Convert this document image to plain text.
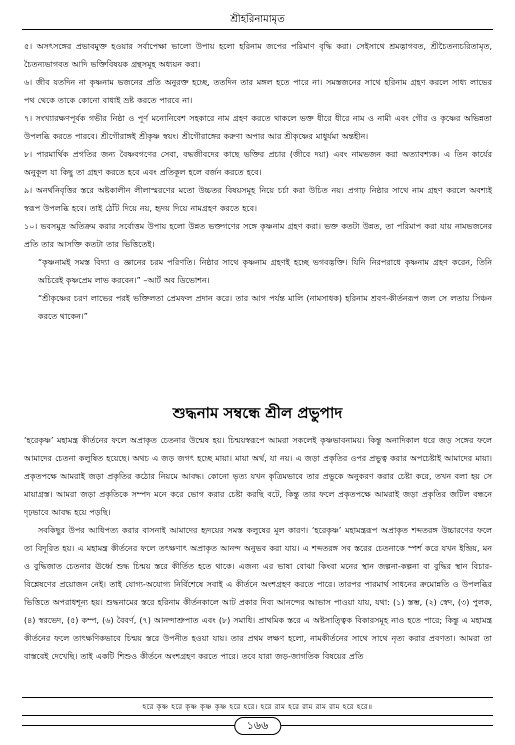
শ্রীহরিনামামৃত

৫। অসৎসঙ্গের প্রভাবমুক্ত হওয়ার সর্বাপেক্ষা ভালো উপায় হলো হরিনাম জপের পরিমাণ বৃদ্ধি করা। সেইসাথে শ্রমদ্ভাগবত, শ্রীচৈতন্যচরিতামৃত, চৈতন্যভাগবত আদি ভক্তিবিষয়ক গ্রন্থসমূহ অধ্যয়ন করা।

৬। জীব যতদিন না কৃষ্ণনাম ভজনের প্রতি অনুরক্ত হচ্ছে, ততদিন তার মঙ্গল হতে পারে না। সমস্তজনের সাথে হরিনাম গ্রহণ করলে সাধ্য লাভের পথ থেকে তাকে কোনো বাধাই ভ্রষ্ট করতে পারবে না।

৭। সংখ্যারক্ষণপূর্বক গভীর নিষ্ঠা ও পূর্ণ মনোনিবেশ সহকারে নাম গ্রহণ করতে থাকলে ভক্ত ধীরে ধীরে নাম ও নামী এবং গৌর ও কৃষ্ণের অভিন্নতা উপলব্ধি করতে পারবে। শ্রীগৌরাঙ্গই শ্রীকৃষ্ণ স্বয়ং। শ্রীগৌরাঙ্গের করুণা অপার আর শ্রীকৃষ্ণের মাধুর্যমা অন্তহীন।

৮। পারমার্থিক প্রগতির জন্য বৈষ্ণবগণের সেবা, বদ্ধজীবদের কাছে ভক্তির প্রচার (জীবে দয়া) এবং নামভজন করা অত্যাবশ্যক। এ তিন কার্যের অনুকূল যা কিছু তা গ্রহণ করতে হবে এবং প্রতিকূল হলে বর্জন করতে হবে।

৯। অনর্থনিবৃত্তির স্তরে অষ্টকালীন লীলাস্মরণের মতো উচ্চতর বিষয়সমূহ নিয়ে চর্চা করা উচিত নয়। প্রগাঢ় নিষ্ঠার সাথে নাম গ্রহণ করলে অবশ্যই স্বরূপ উপলব্ধি হবে। তাই ঠোঁট দিয়ে নয়, হৃদয় দিয়ে নামগ্রহণ করতে হবে।

১০। ভবসমুদ্র অতিক্রম করার সর্বোত্তম উপায় হলো উন্নত ভক্তগণের সঙ্গে কৃষ্ণনাম গ্রহণ করা। ভক্ত কতটা উন্নত, তা পরিমাপ করা যায় নামভজনের প্রতি তার আসক্তি কতটা তার ভিত্তিতেই।

“কৃষ্ণনামই সমস্ত বিদ্যা ও জ্ঞানের চরম পরিণতি। নিষ্ঠার সাথে কৃষ্ণনাম গ্রহণই হচ্ছে ভগবদ্ভক্তি। যিনি নিরপরাধে কৃষ্ণনাম গ্রহণ করেন, তিনি অচিরেই কৃষ্ণপ্রেম লাভ করবেন।” –আর্ট অব ডিভোশন।

“শ্রীকৃষ্ণের চরণ লাভের পরই ভক্তিলতা প্রেমফল প্রদান করে। তার আগ পর্যন্ত মালি (নামসাধক) হরিনাম শ্রবণ-কীর্তনরূপ জল সে লতায় সিঞ্চন করতে থাকেন।”

শুদ্ধনাম সম্বন্ধে শ্রীল প্রভুপাদ

‘হরেকৃষ্ণ’ মহামন্ত্র কীর্তনের ফলে অপ্রাকৃত চেতনার উন্মেষ হয়। চিন্ময়স্বরূপে আমরা সকলেই কৃষ্ণভাবনাময়। কিন্তু অনাদিকাল ধরে জড় সঙ্গের ফলে আমাদের চেতনা কলুষিত হয়েছে। অথচ এ জড় জগৎ হচ্ছে মায়া। মায়া অর্থ, যা নয়। এ জড়া প্রকৃতির ওপর প্রভুত্ব করার অপচেষ্টাই আমাদের মায়া। প্রকৃতপক্ষে আমরাই জড়া প্রকৃতির কঠোর নিয়মে আবদ্ধ। কোনো ভৃত্য যখন কৃত্রিমভাবে তার প্রভুকে অনুকরণ করার চেষ্টা করে, তখন বলা হয় সে মায়াগ্রস্ত। আমরা জড়া প্রকৃতিকে সম্পদ মনে করে ভোগ করার চেষ্টা করছি বটে, কিন্তু তার ফলে প্রকৃতপক্ষে আমরাই জড়া প্রকৃতির জটিল বন্ধনে দৃঢ়ভাবে আবদ্ধ হয়ে পড়ছি।

সবকিছুর উপর আধিপত্য করার বাসনাই আমাদের হৃদয়ের সমস্ত কলুষের মূল কারণ। ‘হরেকৃষ্ণ’ মহামন্ত্ররূপ অপ্রাকৃত শব্দতরঙ্গ উচ্চারণের ফলে তা বিদূরিত হয়। এ মহামন্ত্র কীর্তনের ফলে তৎক্ষণাৎ অপ্রাকৃত আনন্দ অনুভব করা যায়। এ শব্দতরঙ্গ সব স্তরের চেতনাকে স্পর্শ করে যখন ইন্দ্রিয়, মন ও বুদ্ধিজাত চেতনার ঊর্ধ্বে শুদ্ধ চিন্ময় স্তরে কীর্তিত হতে থাকে। এজন্য এর ভাষা বোঝা কিংবা মনের স্থান জল্পনা-কল্পনা বা বুদ্ধির স্থান বিচার-বিশ্লেষণের প্রয়োজন নেই। তাই যোগ্য-অযোগ্য নির্বিশেষে সবাই এ কীর্তনে অংশগ্রহণ করতে পারে। তারপর পারমার্থ সাধনের ক্রমোন্নতি ও উপলব্ধির ভিত্তিতে অপরাধশূন্য হয়। শুদ্ধনামের স্তরে হরিনাম কীর্তনকালে আট প্রকার দিব্য আনন্দের আভাস পাওয়া যায়, যথা: (১) স্তম্ভ, (২) স্বেদ, (৩) পুলক, (৪) স্বরভেদ, (৫) কম্প, (৬) বৈবর্ণ, (৭) আনন্দাশ্রুপাত এবং (৮) সমাধি। প্রাথমিক স্তরে এ অষ্টসাত্ত্বিক বিকারসমূহ নাও হতে পারে; কিন্তু এ মহামন্ত্র কীর্তনের ফলে তাৎক্ষণিকভাবে চিন্ময় স্তরে উপনীত হওয়া যায়। তার প্রথম লক্ষণ হলো, নামকীর্তনের সাথে সাথে নৃত্য করার প্রবণতা। আমরা তা বাস্তবেই দেখেছি। তাই একটি শিশুও কীর্তনে অংশগ্রহণ করতে পারে। তবে যারা জড়-জাগতিক বিষয়ের প্রতি

হরে কৃষ্ণ হরে কৃষ্ণ কৃষ্ণ কৃষ্ণ হরে হরে। হরে রাম হরে রাম রাম রাম হরে হরে॥
১৬৬
